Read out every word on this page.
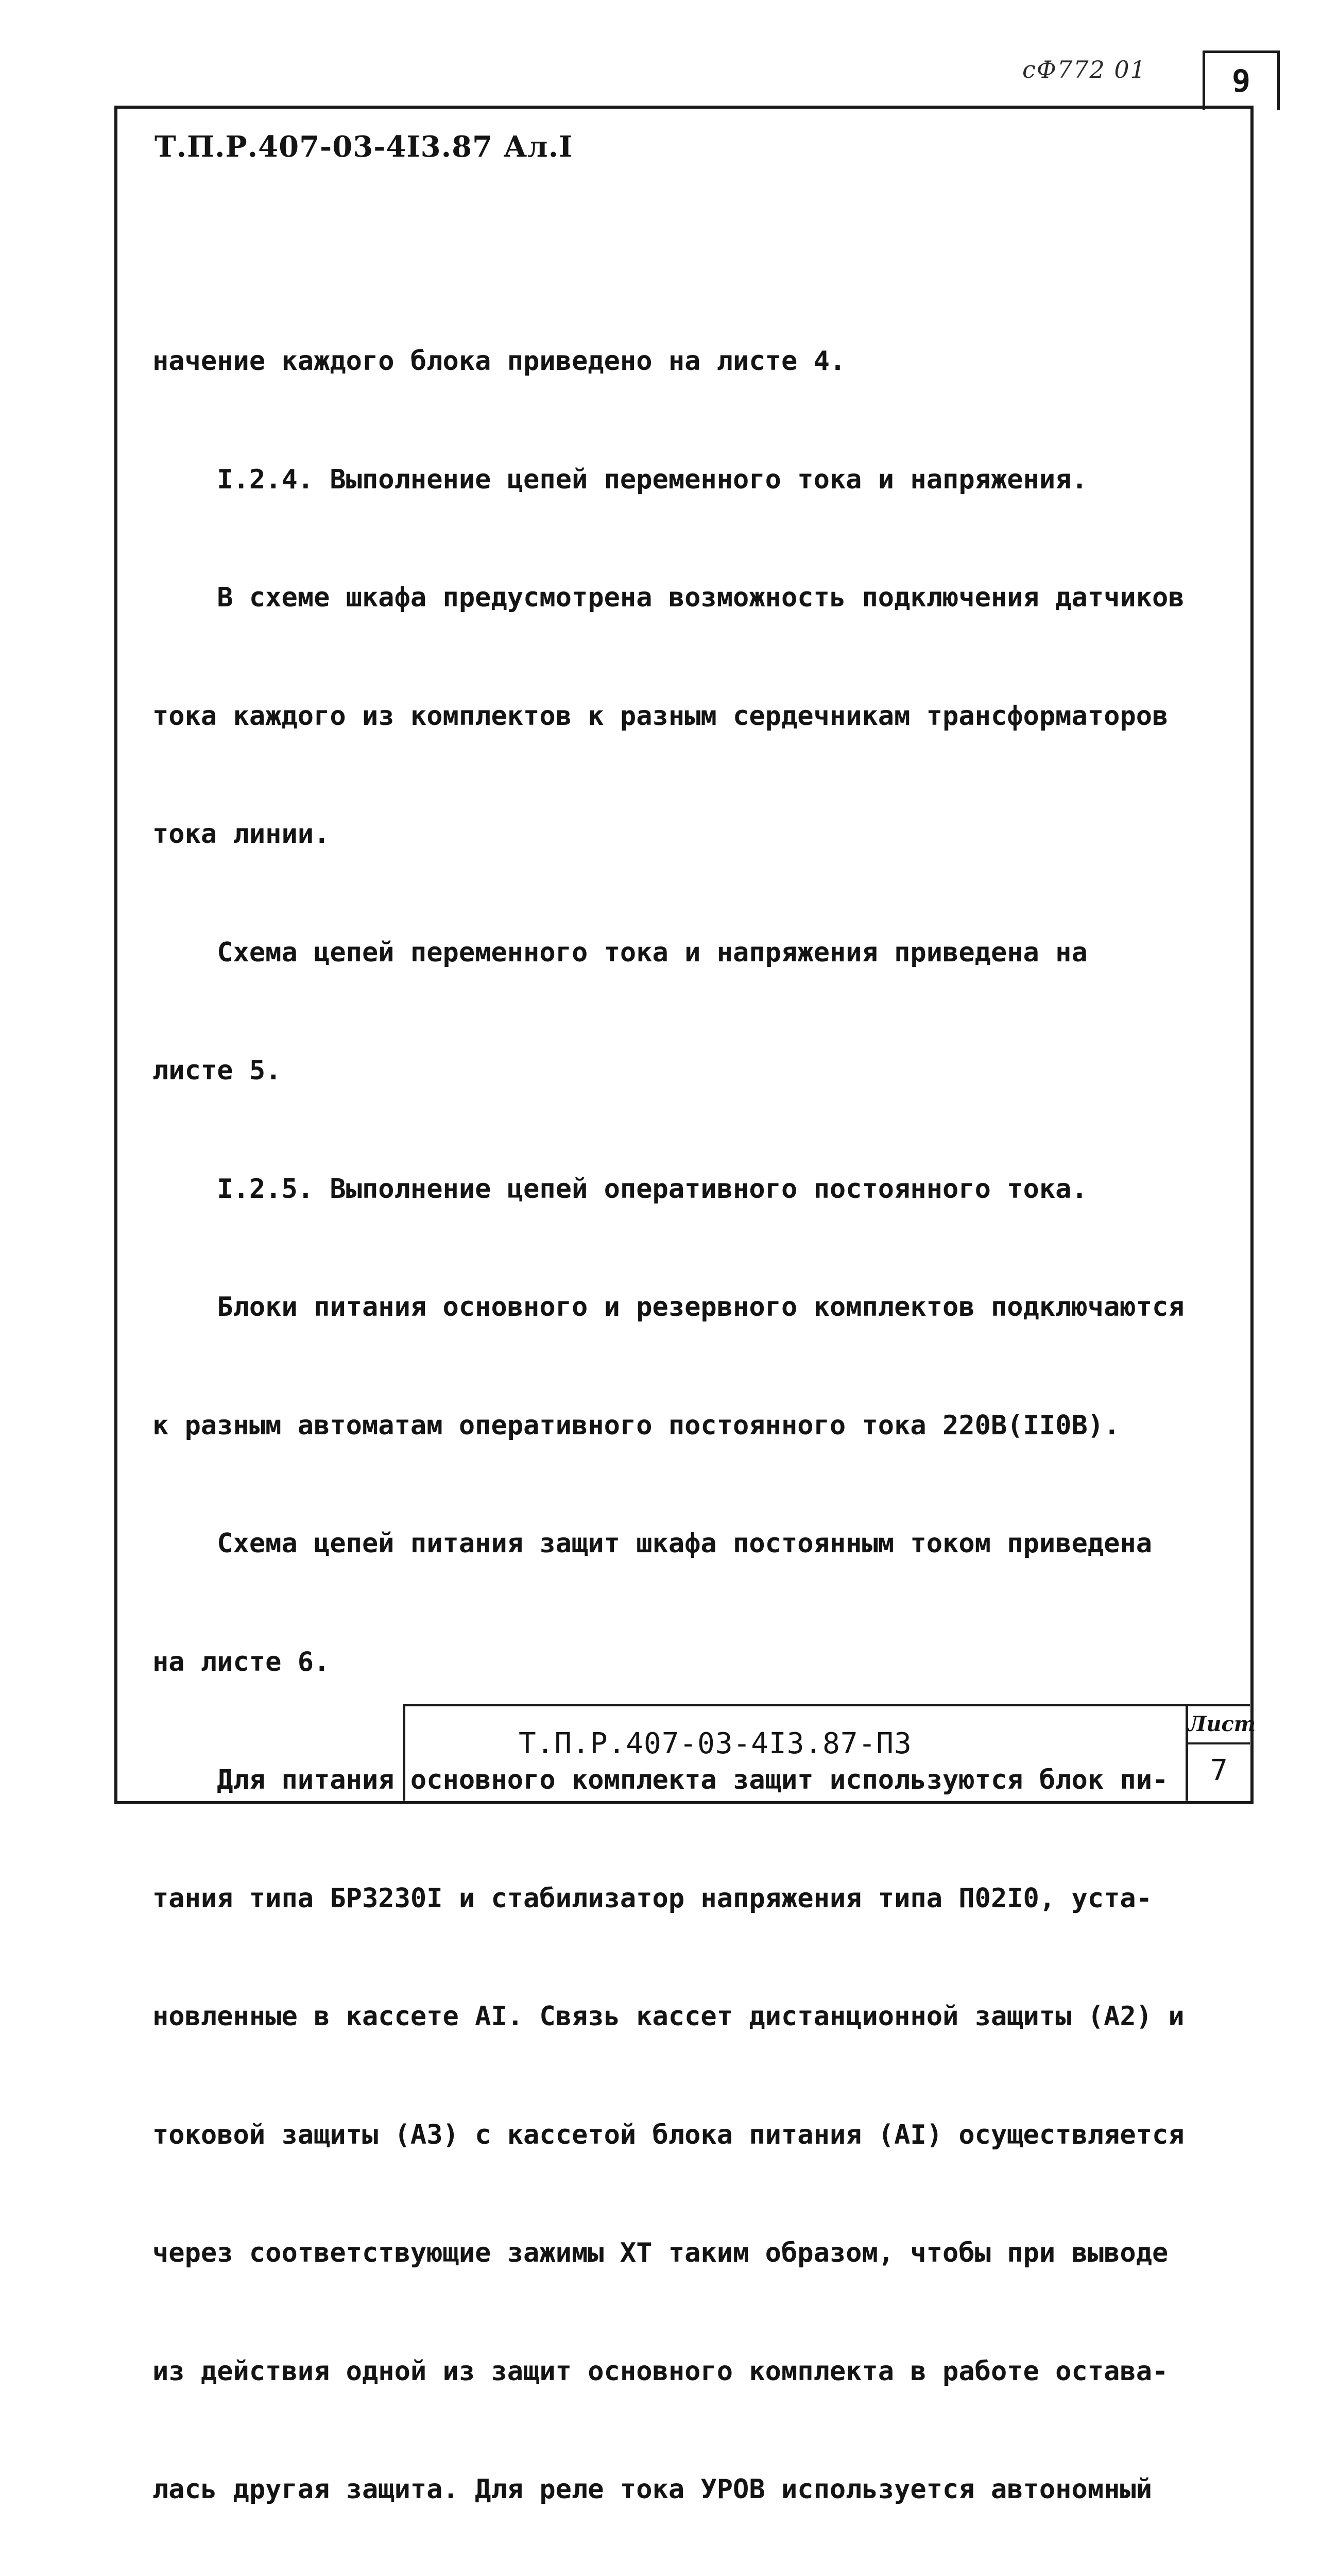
сФ772 01	9
Т.П.Р.407-03-4I3.87 Ал.I

начение каждого блока приведено на листе 4.

I.2.4. Выполнение цепей переменного тока и напряжения.

В схеме шкафа предусмотрена возможность подключения датчиков

тока каждого из комплектов к разным сердечникам трансформаторов

тока линии.

Схема цепей переменного тока и напряжения приведена на

листе 5.

I.2.5. Выполнение цепей оперативного постоянного тока.

Блоки питания основного и резервного комплектов подключаются

к разным автоматам оперативного постоянного тока 220В(II0В).

Схема цепей питания защит шкафа постоянным током приведена

на листе 6.

Для питания основного комплекта защит используются блок пи-

тания типа БР3230I и стабилизатор напряжения типа П02I0, уста-

новленные в кассете АI. Связь кассет дистанционной защиты (А2) и

токовой защиты (А3) с кассетой блока питания (АI) осуществляется

через соответствующие зажимы ХТ таким образом, чтобы при выводе

из действия одной из защит основного комплекта в работе остава-

лась другая защита. Для реле тока УРОВ используется автономный

Т.П.Р.407-03-4I3.87-П3
Лист
7
